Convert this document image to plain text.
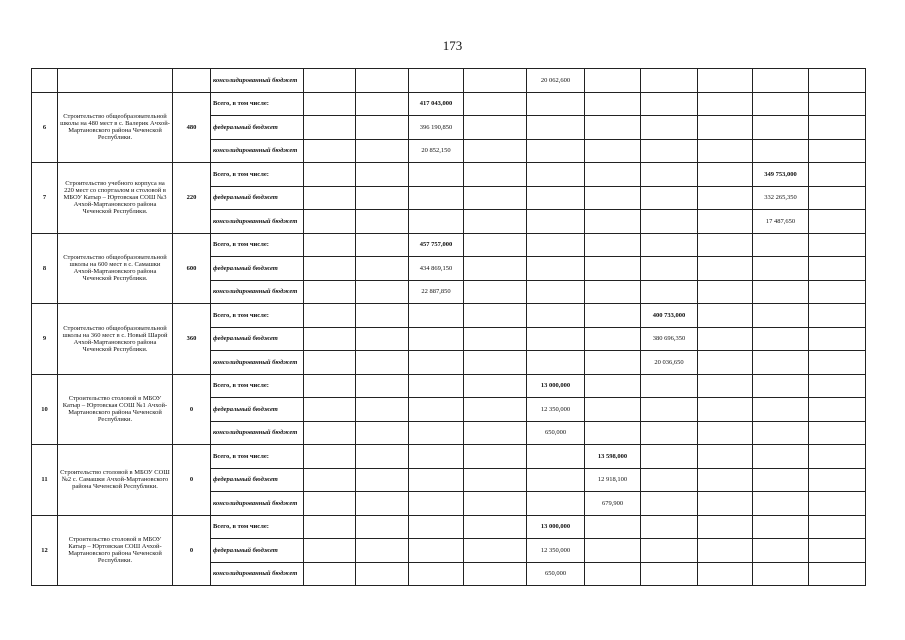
173
			консолидированный бюджет					20 062,600					
6	Строительство общеобразовательной школы на 480 мест в с. Валерик Ачхой-Мартановского района Чеченской Республики.	480	Всего, в том числе:			417 043,000							
			федеральный бюджет			396 190,850							
			консолидированный бюджет			20 852,150							
7	Строительство учебного корпуса на 220 мест со спортзалом и столовой в МБОУ Катыр – Юртовская СОШ №3 Ачхой-Мартановского района Чеченской Республики.	220	Всего, в том числе:									349 753,000	
			федеральный бюджет									332 265,350	
			консолидированный бюджет									17 487,650	
8	Строительство общеобразовательной школы на 600 мест в с. Самашки Ачхой-Мартановского района Чеченской Республики.	600	Всего, в том числе:			457 757,000							
			федеральный бюджет			434 869,150							
			консолидированный бюджет			22 887,850							
9	Строительство общеобразовательной школы на 360 мест в с. Новый Шарой Ачхой-Мартановского района Чеченской Республики.	360	Всего, в том числе:							400 733,000			
			федеральный бюджет							380 696,350			
			консолидированный бюджет							20 036,650			
10	Строительство столовой в МБОУ Катыр – Юртовская СОШ №1 Ачхой-Мартановского района Чеченской Республики.	0	Всего, в том числе:					13 000,000					
			федеральный бюджет					12 350,000					
			консолидированный бюджет					650,000					
11	Строительство столовой в МБОУ СОШ №2 с. Самашки Ачхой-Мартановского района Чеченской Республики.	0	Всего, в том числе:						13 598,000				
			федеральный бюджет						12 918,100				
			консолидированный бюджет						679,900				
12	Строительство столовой в МБОУ Катыр – Юртовская СОШ Ачхой-Мартановского района Чеченской Республики.	0	Всего, в том числе:					13 000,000					
			федеральный бюджет					12 350,000					
			консолидированный бюджет					650,000					
